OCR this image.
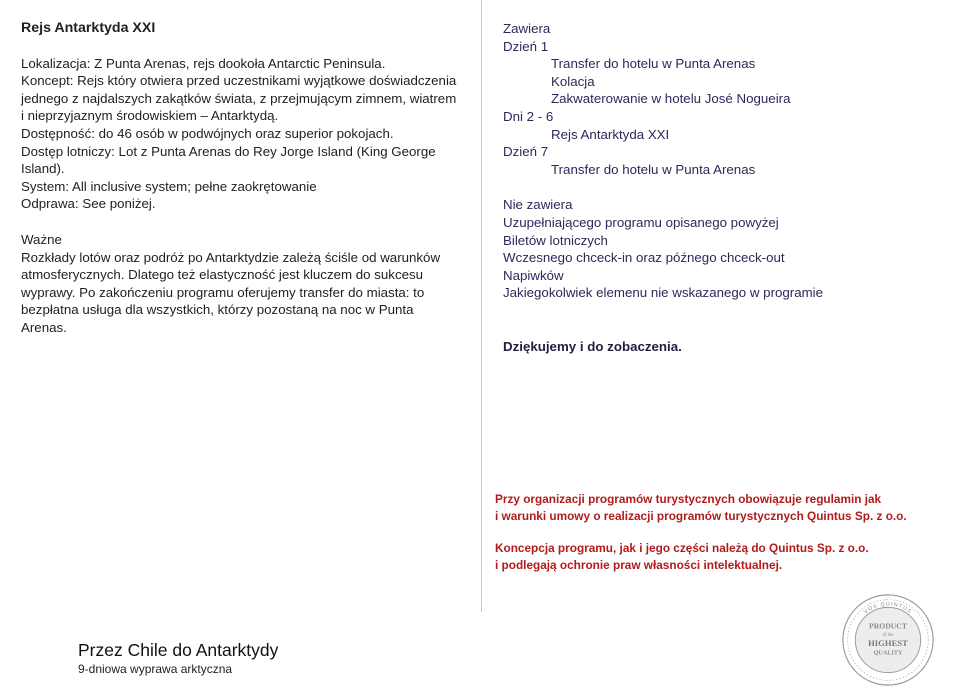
Rejs Antarktyda XXI

Lokalizacja: Z Punta Arenas, rejs dookoła Antarctic Peninsula.

Koncept: Rejs który otwiera przed uczestnikami wyjątkowe doświadczenia jednego z najdalszych zakątków świata, z przejmującym zimnem, wiatrem i nieprzyjaznym środowiskiem – Antarktydą.

Dostępność: do 46 osób w podwójnych oraz superior pokojach.

Dostęp lotniczy: Lot z Punta Arenas do Rey Jorge Island (King George Island).

System: All inclusive system; pełne zaokrętowanie

Odprawa: See poniżej.

Ważne

Rozkłady lotów oraz podróż po Antarktydzie zależą ściśle od warunków atmosferycznych. Dlatego też elastyczność jest kluczem do sukcesu wyprawy. Po zakończeniu programu oferujemy transfer do miasta: to bezpłatna usługa dla wszystkich, którzy pozostaną na noc w Punta Arenas.

Zawiera
Dzień 1
Transfer do hotelu w Punta Arenas
Kolacja
Zakwaterowanie w hotelu José Nogueira
Dni 2 - 6
Rejs Antarktyda XXI
Dzień 7
Transfer do hotelu w Punta Arenas
Nie zawiera
Uzupełniającego programu opisanego powyżej
Biletów lotniczych
Wczesnego chceck-in oraz późnego chceck-out
Napiwków
Jakiegokolwiek elemenu nie wskazanego w programie
Dziękujemy i do zobaczenia.

Przy organizacji programów turystycznych obowiązuje regulamin jak
i warunki umowy o realizacji programów turystycznych Quintus Sp. z o.o.

Koncepcja programu, jak i jego części należą do Quintus Sp. z o.o.
i podlegają ochronie praw własności intelektualnej.

Przez Chile do Antarktydy
9-dniowa wyprawa arktyczna
VOX QUINTUS
PRODUCT
of the
HIGHEST
QUALITY
